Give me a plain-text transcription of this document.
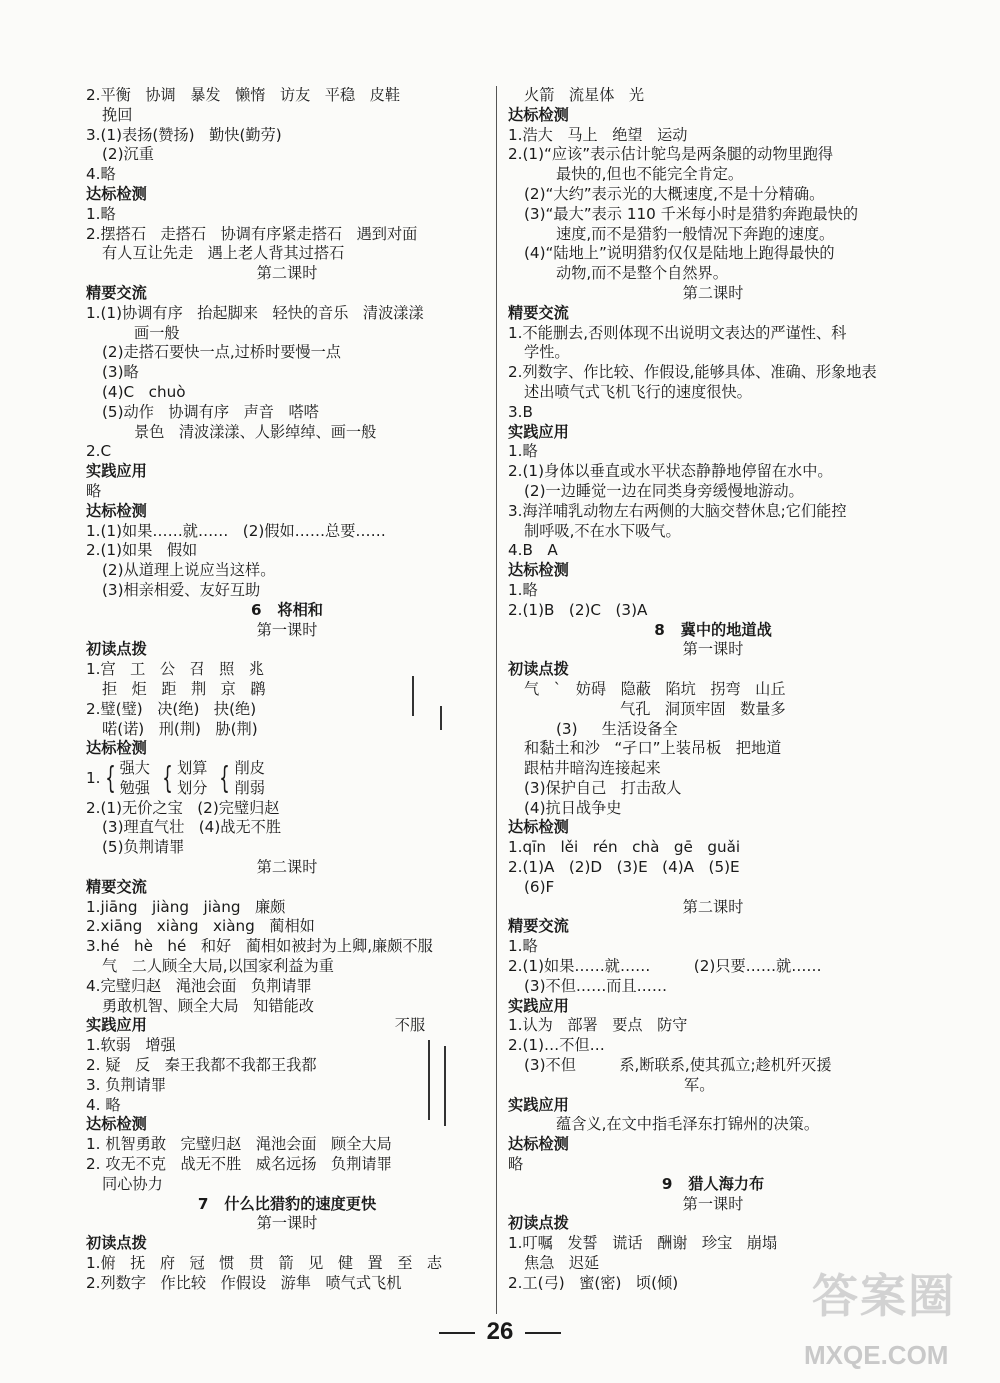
2.平衡   协调   暴发   懒惰   访友   平稳   皮鞋
挽回
3.(1)表扬(赞扬)   勤快(勤劳)
(2)沉重
4.略
达标检测
1.略
2.摆搭石   走搭石   协调有序紧走搭石   遇到对面
有人互让先走   遇上老人背其过搭石
第二课时
精要交流
1.(1)协调有序   抬起脚来   轻快的音乐   清波漾漾
画一般
(2)走搭石要快一点,过桥时要慢一点
(3)略
(4)C   chuò
(5)动作   协调有序   声音   嗒嗒
景色   清波漾漾、人影绰绰、画一般
2.C
实践应用
略
达标检测
1.(1)如果……就……   (2)假如……总要……
2.(1)如果   假如
(2)从道理上说应当这样。
(3)相亲相爱、友好互助
6   将相和
第一课时
初读点拨
1.宫   工   公   召   照   兆
拒   炬   距   荆   京   䴙
2.璧(璧)   决(绝)   抉(绝)
喏(诺)   刑(荆)   胁(荆)
达标检测
1. { 强大
勉强 { 划算
划分 { 削皮
削弱
2.(1)无价之宝   (2)完璧归赵
(3)理直气壮   (4)战无不胜
(5)负荆请罪
第二课时
精要交流
1.jiāng   jiàng   jiàng   廉颇
2.xiāng   xiàng   xiàng   蔺相如
3.hé   hè   hé   和好   蔺相如被封为上卿,廉颇不服
气   二人顾全大局,以国家利益为重
4.完璧归赵   渑池会面   负荆请罪
勇敢机智、顾全大局   知错能改
实践应用	不服
1.软弱   增强
2. 疑   反   秦王我都不我都王我都
3. 负荆请罪
4. 略
达标检测
1. 机智勇敢   完璧归赵   渑池会面   顾全大局
2. 攻无不克   战无不胜   威名远扬   负荆请罪
同心协力
7   什么比猎豹的速度更快
第一课时
初读点拨
1.俯   抚   府   冠   惯   贯   箭   见   健   置   至   志
2.列数字   作比较   作假设   游隼   喷气式飞机
火箭   流星体   光
达标检测
1.浩大   马上   绝望   运动
2.(1)“应该”表示估计鸵鸟是两条腿的动物里跑得
最快的,但也不能完全肯定。
(2)“大约”表示光的大概速度,不是十分精确。
(3)“最大”表示 110 千米每小时是猎豹奔跑最快的
速度,而不是猎豹一般情况下奔跑的速度。
(4)“陆地上”说明猎豹仅仅是陆地上跑得最快的
动物,而不是整个自然界。
第二课时
精要交流
1.不能删去,否则体现不出说明文表达的严谨性、科
学性。
2.列数字、作比较、作假设,能够具体、准确、形象地表
述出喷气式飞机飞行的速度很快。
3.B
实践应用
1.略
2.(1)身体以垂直或水平状态静静地停留在水中。
(2)一边睡觉一边在同类身旁缓慢地游动。
3.海洋哺乳动物左右两侧的大脑交替休息;它们能控
制呼吸,不在水下吸气。
4.B   A
达标检测
1.略
2.(1)B   (2)C   (3)A
8   冀中的地道战
第一课时
初读点拨
气   `   妨碍   隐蔽   陷坑   拐弯   山丘
气孔   洞顶牢固   数量多
(3)     生活设备全
和黏土和沙   “孑口”上装吊板   把地道
跟枯井暗沟连接起来
(3)保护自己   打击敌人
(4)抗日战争史
达标检测
1.qīn   lěi   rén   chà   gē   guǎi
2.(1)A   (2)D   (3)E   (4)A   (5)E
(6)F
第二课时
精要交流
1.略
2.(1)如果……就……         (2)只要……就……
(3)不但……而且……
实践应用
1.认为   部署   要点   防守
2.(1)…不但…
(3)不但         系,断联系,使其孤立;趁机歼灭援
军。
实践应用
蕴含义,在文中指毛泽东打锦州的决策。
达标检测
略
9   猎人海力布
第一课时
初读点拨
1.叮嘱   发誓   谎话   酬谢   珍宝   崩塌
焦急   迟延
2.工(弓)   蜜(密)   顷(倾)
26
答案圈
MXQE.COM
